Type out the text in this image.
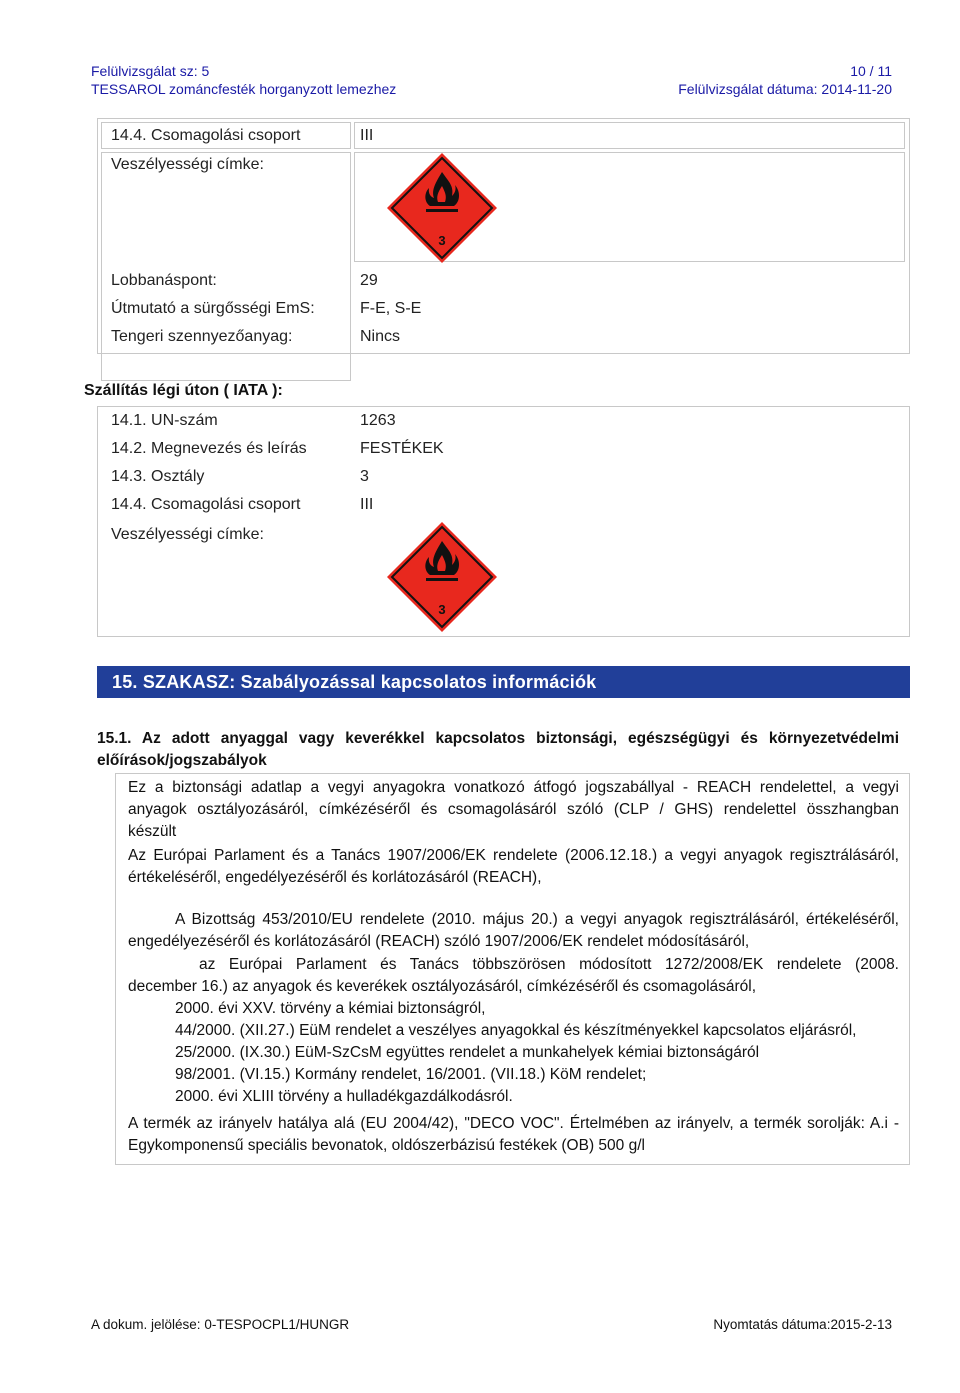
Felülvizsgálat sz: 5	10 / 11
TESSAROL zománcfesték horganyzott lemezhez	Felülvizsgálat dátuma: 2014-11-20
14.4. Csomagolási csoport	III
Veszélyességi címke:
3
Lobbanáspont:	29
Útmutató a sürgősségi EmS:	F-E, S-E
Tengeri szennyezőanyag:	Nincs
Szállítás légi úton ( IATA ):
14.1. UN-szám	1263
14.2. Megnevezés és leírás	FESTÉKEK
14.3. Osztály	3
14.4. Csomagolási csoport	III
Veszélyességi címke:
3
15. SZAKASZ: Szabályozással kapcsolatos információk
15.1. Az adott anyaggal vagy keverékkel kapcsolatos biztonsági, egészségügyi és környezetvédelmi
előírások/jogszabályok
Ez a biztonsági adatlap a vegyi anyagokra vonatkozó átfogó jogszabállyal - REACH rendelettel, a vegyi
anyagok osztályozásáról, címkézéséről és csomagolásáról szóló (CLP / GHS) rendelettel összhangban
készült
Az Európai Parlament és a Tanács 1907/2006/EK rendelete (2006.12.18.) a vegyi anyagok regisztrálásáról,
értékeléséről, engedélyezéséről és korlátozásáról (REACH),
A Bizottság 453/2010/EU rendelete (2010. május 20.) a vegyi anyagok regisztrálásáról, értékeléséről,
engedélyezéséről és korlátozásáról (REACH) szóló 1907/2006/EK rendelet módosításáról,
az Európai Parlament és Tanács többszörösen módosított 1272/2008/EK rendelete (2008.
december 16.) az anyagok és keverékek osztályozásáról, címkézéséről és csomagolásáról,
2000. évi XXV. törvény a kémiai biztonságról,
44/2000. (XII.27.) EüM rendelet a veszélyes anyagokkal és készítményekkel kapcsolatos eljárásról,
25/2000. (IX.30.) EüM-SzCsM együttes rendelet a munkahelyek kémiai biztonságáról
98/2001. (VI.15.) Kormány rendelet, 16/2001. (VII.18.) KöM rendelet;
2000. évi XLIII törvény a hulladékgazdálkodásról.
A termék az irányelv hatálya alá (EU 2004/42), "DECO VOC". Értelmében az irányelv, a termék sorolják: A.i -
Egykomponensű speciális bevonatok, oldószerbázisú festékek (OB) 500 g/l
A dokum. jelölése: 0-TESPOCPL1/HUNGR	Nyomtatás dátuma:2015-2-13
